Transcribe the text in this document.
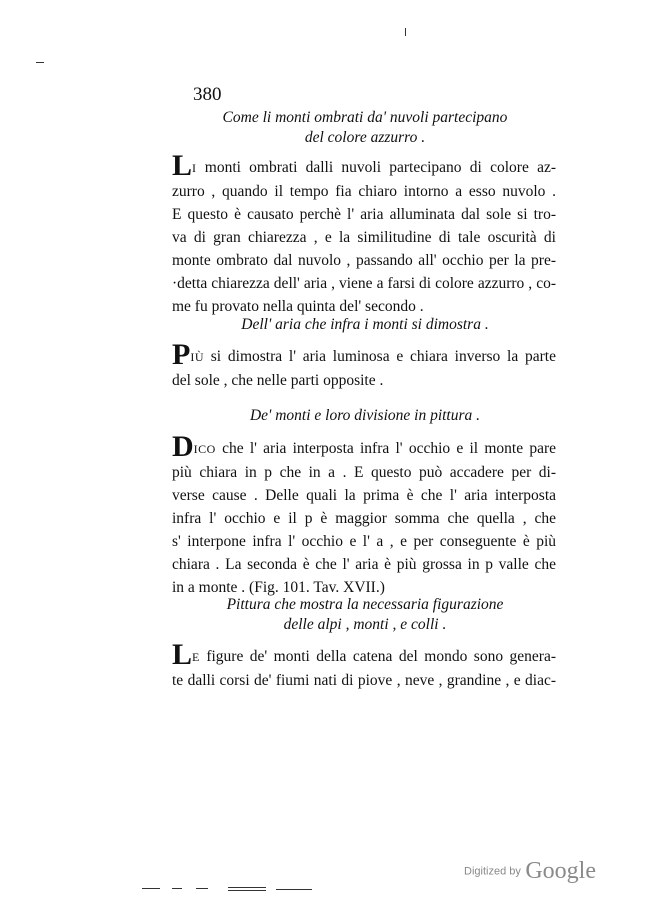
380
Come li monti ombrati da' nuvoli partecipano
del colore azzurro .
LI monti ombrati dalli nuvoli partecipano di colore az-
zurro , quando il tempo fia chiaro intorno a esso nuvolo .
E questo è causato perchè l' aria alluminata dal sole si tro-
va di gran chiarezza , e la similitudine di tale oscurità di
monte ombrato dal nuvolo , passando all' occhio per la pre-
·detta chiarezza dell' aria , viene a farsi di colore azzurro , co-
me fu provato nella quinta del' secondo .
Dell' aria che infra i monti si dimostra .
PIÙ si dimostra l' aria luminosa e chiara inverso la parte
del sole , che nelle parti opposite .
De' monti e loro divisione in pittura .
DICO che l' aria interposta infra l' occhio e il monte pare
più chiara in p che in a . E questo può accadere per di-
verse cause . Delle quali la prima è che l' aria interposta
infra l' occhio e il p è maggior somma che quella , che
s' interpone infra l' occhio e l' a , e per conseguente è più
chiara . La seconda è che l' aria è più grossa in p valle che
in a monte . (Fig. 101. Tav. XVII.)
Pittura che mostra la necessaria figurazione
delle alpi , monti , e colli .
LE figure de' monti della catena del mondo sono genera-
te dalli corsi de' fiumi nati di piove , neve , grandine , e diac-
Digitized by Google
